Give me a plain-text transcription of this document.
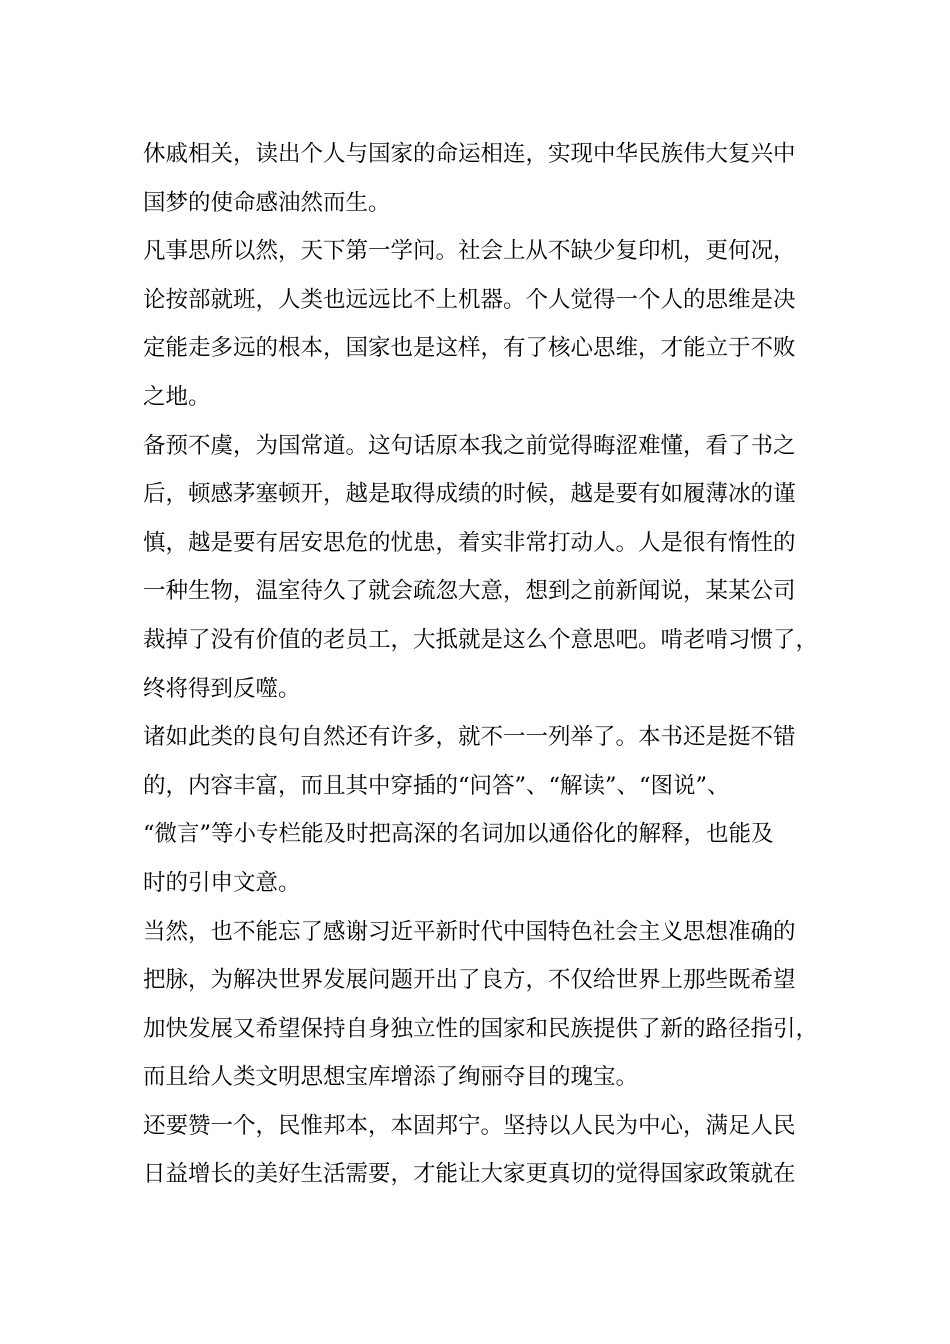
休戚相关，读出个人与国家的命运相连，实现中华民族伟大复兴中
国梦的使命感油然而生。
凡事思所以然，天下第一学问。社会上从不缺少复印机，更何况，
论按部就班，人类也远远比不上机器。个人觉得一个人的思维是决
定能走多远的根本，国家也是这样，有了核心思维，才能立于不败
之地。
备预不虞，为国常道。这句话原本我之前觉得晦涩难懂，看了书之
后，顿感茅塞顿开，越是取得成绩的时候，越是要有如履薄冰的谨
慎，越是要有居安思危的忧患，着实非常打动人。人是很有惰性的
一种生物，温室待久了就会疏忽大意，想到之前新闻说，某某公司
裁掉了没有价值的老员工，大抵就是这么个意思吧。啃老啃习惯了，
终将得到反噬。
诸如此类的良句自然还有许多，就不一一列举了。本书还是挺不错
的，内容丰富，而且其中穿插的“问答”、“解读”、“图说”、
“微言”等小专栏能及时把高深的名词加以通俗化的解释，也能及
时的引申文意。
当然，也不能忘了感谢习近平新时代中国特色社会主义思想准确的
把脉，为解决世界发展问题开出了良方，不仅给世界上那些既希望
加快发展又希望保持自身独立性的国家和民族提供了新的路径指引，
而且给人类文明思想宝库增添了绚丽夺目的瑰宝。
还要赞一个，民惟邦本，本固邦宁。坚持以人民为中心，满足人民
日益增长的美好生活需要，才能让大家更真切的觉得国家政策就在
